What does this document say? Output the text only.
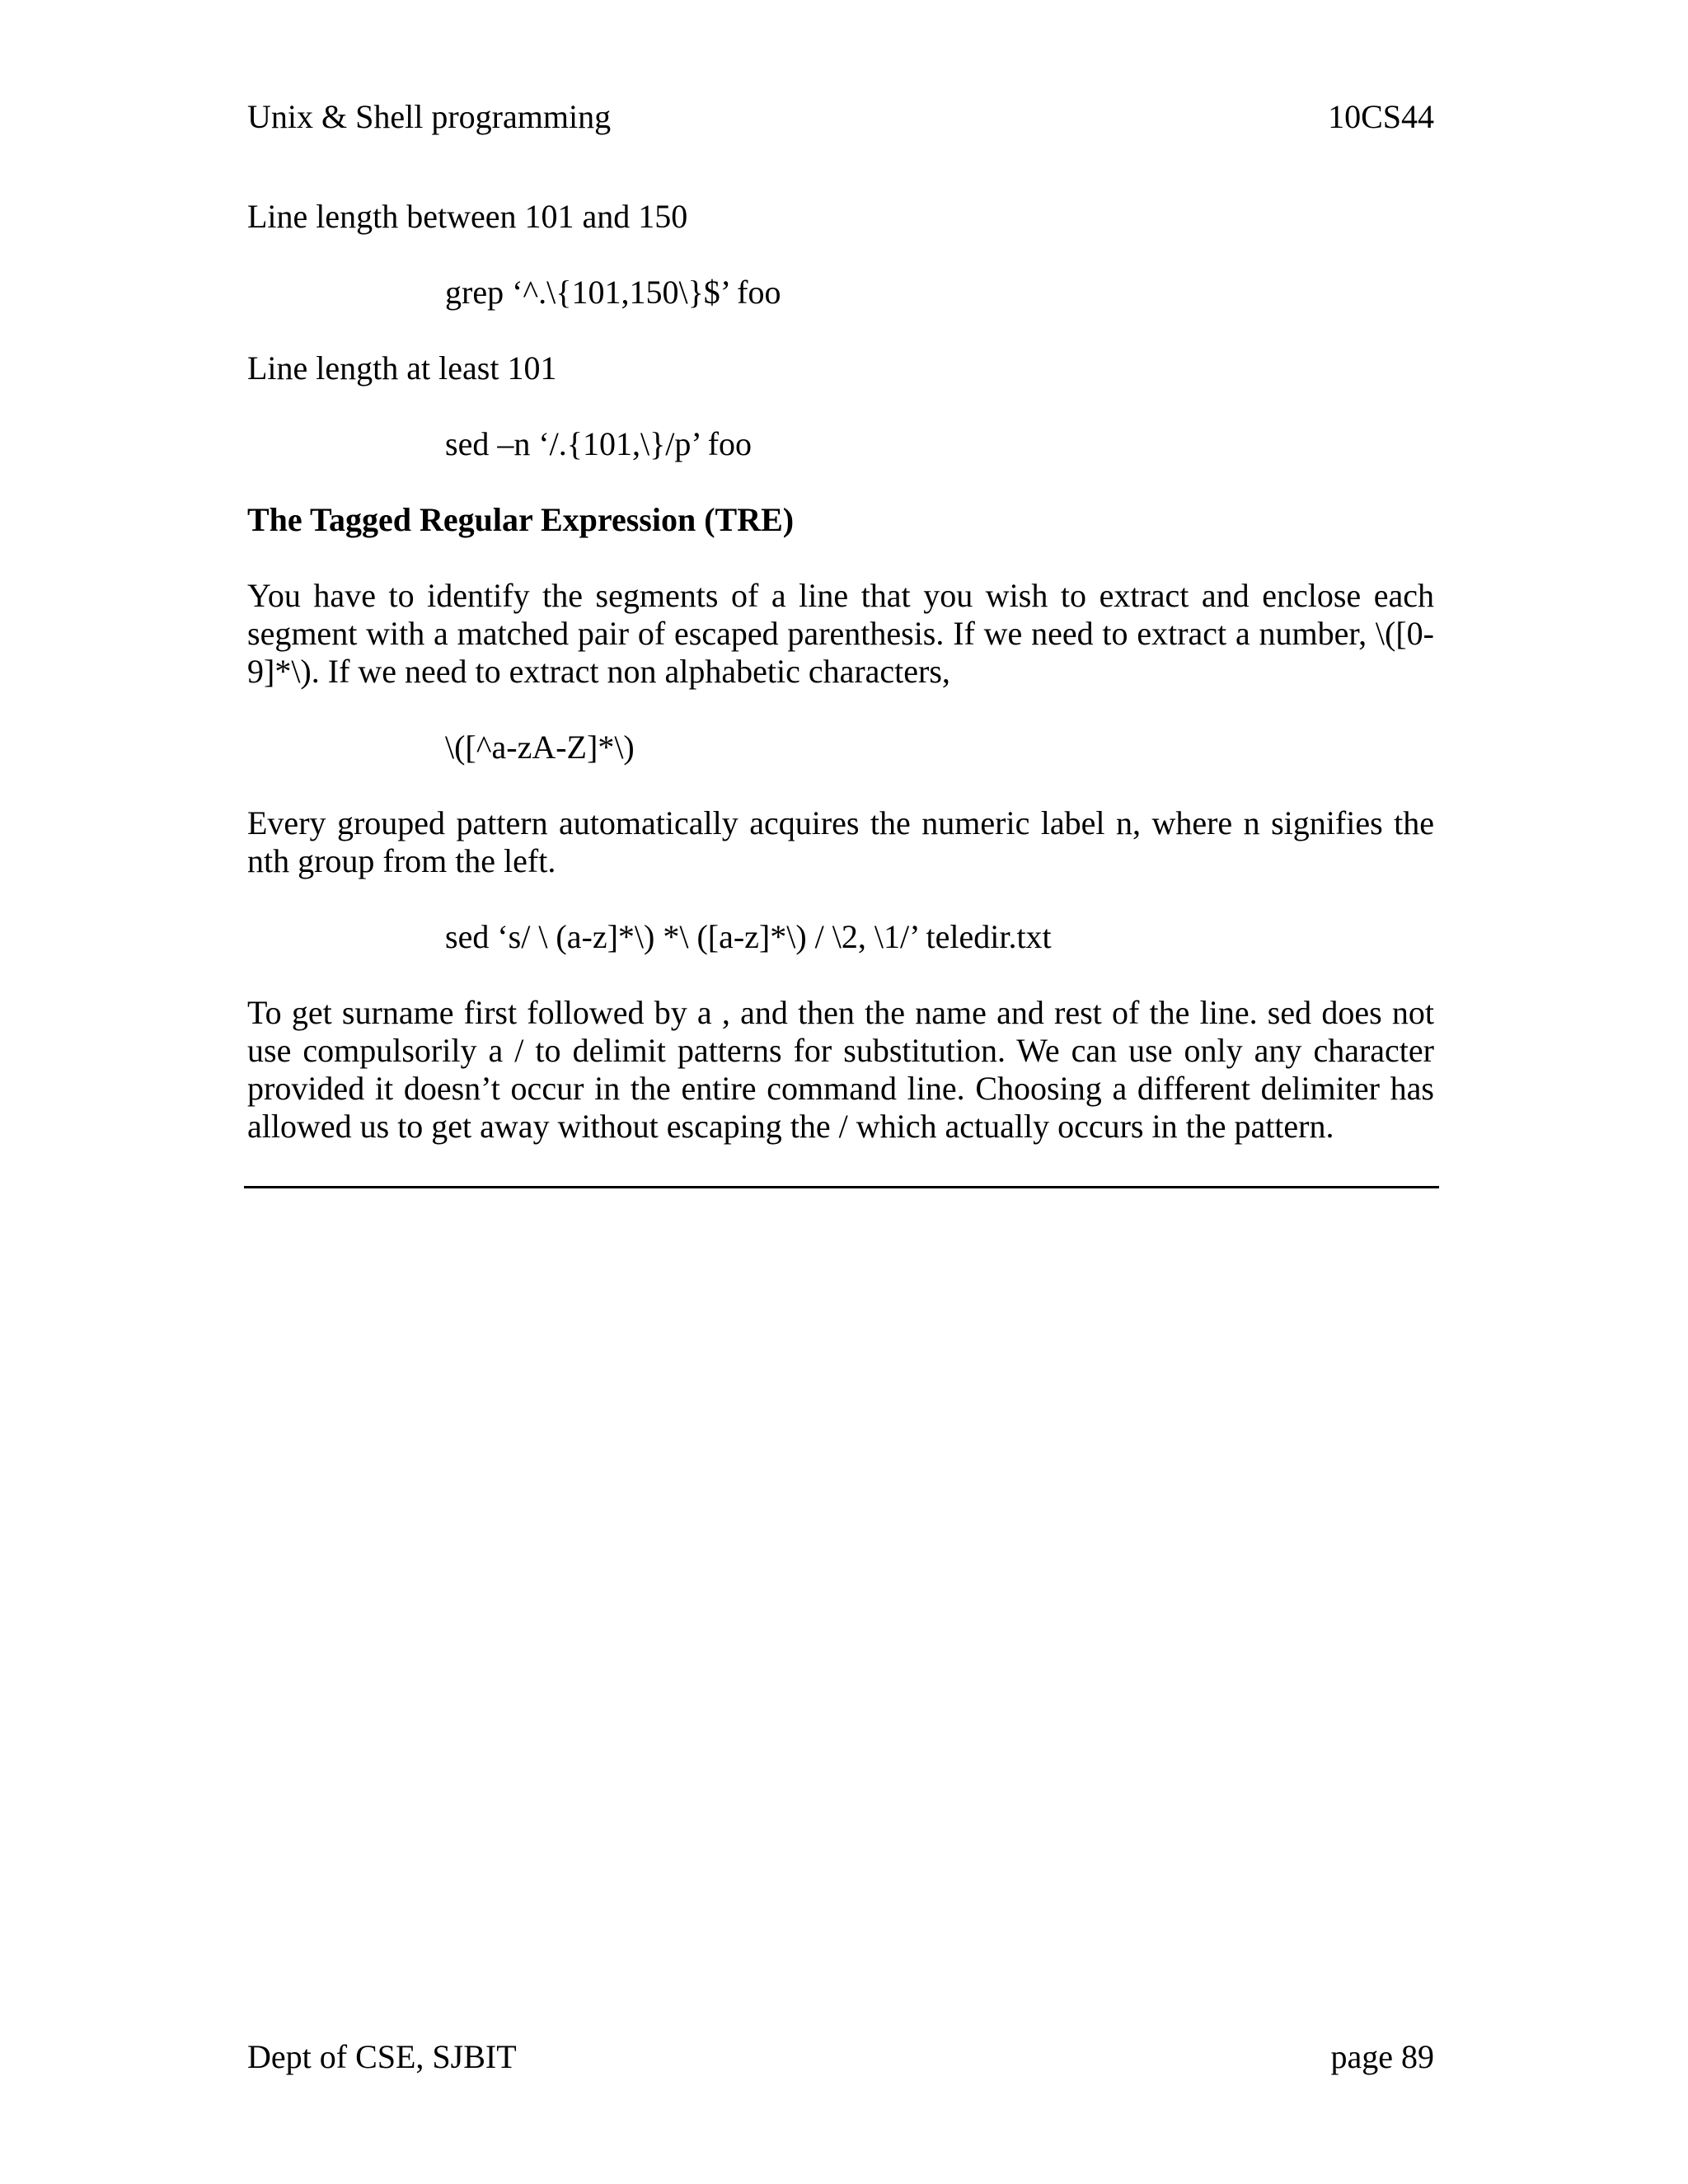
Unix & Shell programming	10CS44

Line length between 101 and 150

grep ‘^.\{101,150\}$’ foo

Line length at least 101

sed –n ‘/.{101,\}/p’ foo

The Tagged Regular Expression (TRE)

You have to identify the segments of a line that you wish to extract and enclose each segment with a matched pair of escaped parenthesis. If we need to extract a number, \([0-9]*\). If we need to extract non alphabetic characters,

\([^a-zA-Z]*\)

Every grouped pattern automatically acquires the numeric label n, where n signifies the nth group from the left.

sed ‘s/ \ (a-z]*\) *\ ([a-z]*\) / \2, \1/’ teledir.txt

To get surname first followed by a , and then the name and rest of the line. sed does not use compulsorily a / to delimit patterns for substitution. We can use only any character provided it doesn’t occur in the entire command line. Choosing a different delimiter has allowed us to get away without escaping the / which actually occurs in the pattern.

Dept of CSE, SJBIT	page 89
